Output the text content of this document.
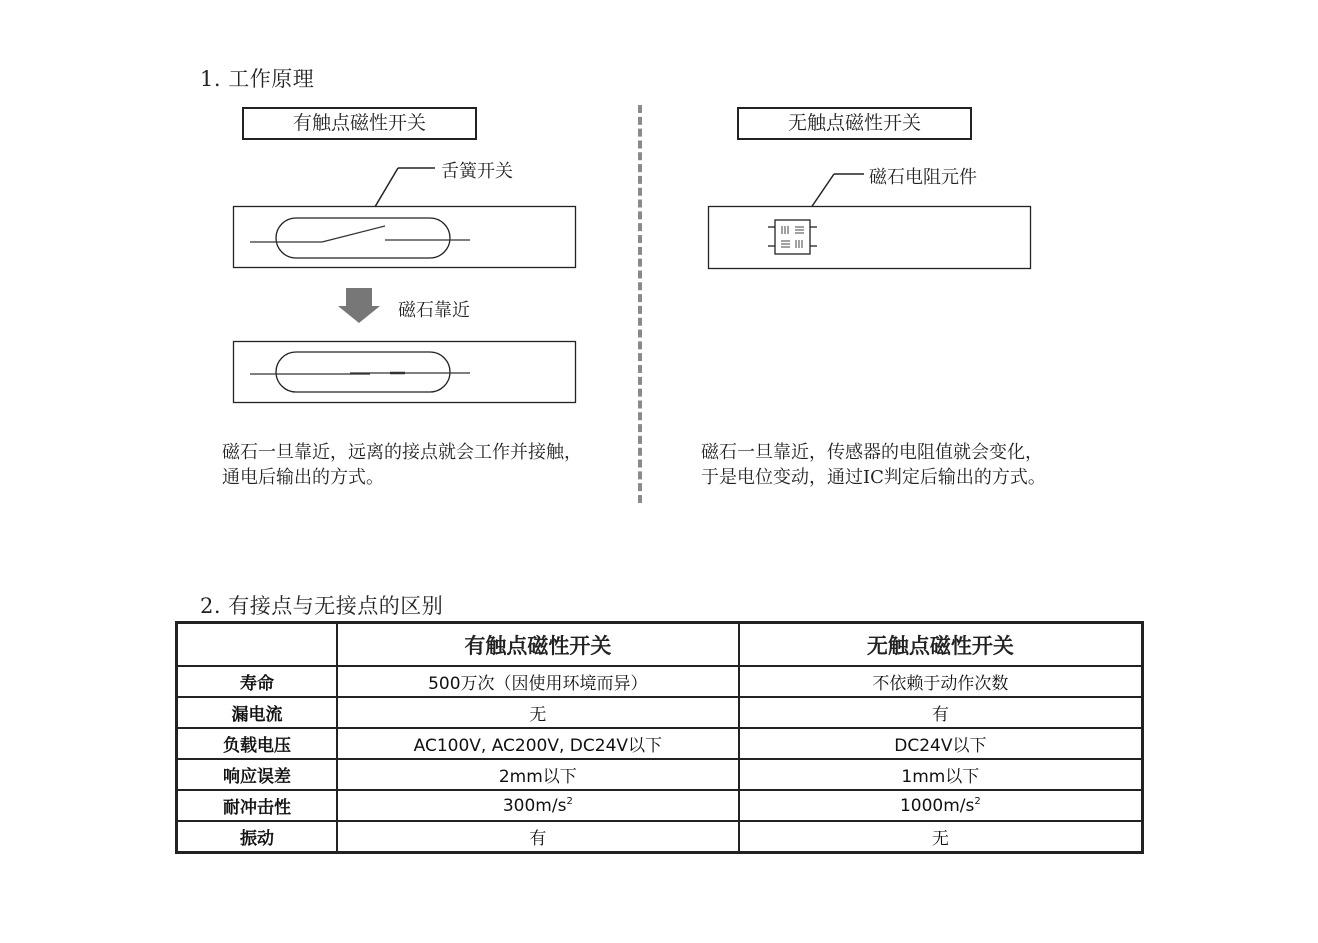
1. 工作原理
有触点磁性开关
舌簧开关
磁石靠近
磁石一旦靠近，远离的接点就会工作并接触，
通电后输出的方式。
无触点磁性开关
磁石电阻元件
磁石一旦靠近，传感器的电阻值就会变化，
于是电位变动，通过IC判定后输出的方式。
2. 有接点与无接点的区别
	有触点磁性开关	无触点磁性开关
寿命	500万次（因使用环境而异）	不依赖于动作次数
漏电流	无	有
负载电压	AC100V, AC200V, DC24V以下	DC24V以下
响应误差	2mm以下	1mm以下
耐冲击性	$300m/s^2$	$1000m/s^2$
振动	有	无
